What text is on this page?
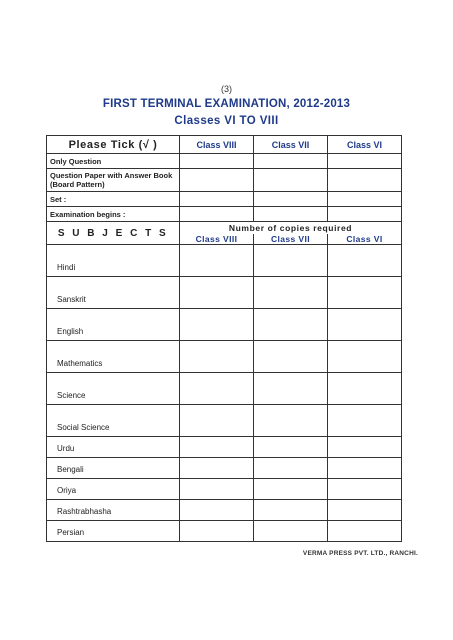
(3)
FIRST TERMINAL EXAMINATION, 2012-2013
Classes VI TO VIII
Please Tick (√ )	Class VIII	Class VII	Class VI
Only Question			
Question Paper with Answer Book (Board Pattern)			
Set :			
Examination begins :			
S U B J E C T S	Number of copies required		
	Class VIII	Class VII	Class VI
Hindi			
Sanskrit			
English			
Mathematics			
Science			
Social Science			
Urdu			
Bengali			
Oriya			
Rashtrabhasha			
Persian			
VERMA PRESS PVT. LTD., RANCHI.
